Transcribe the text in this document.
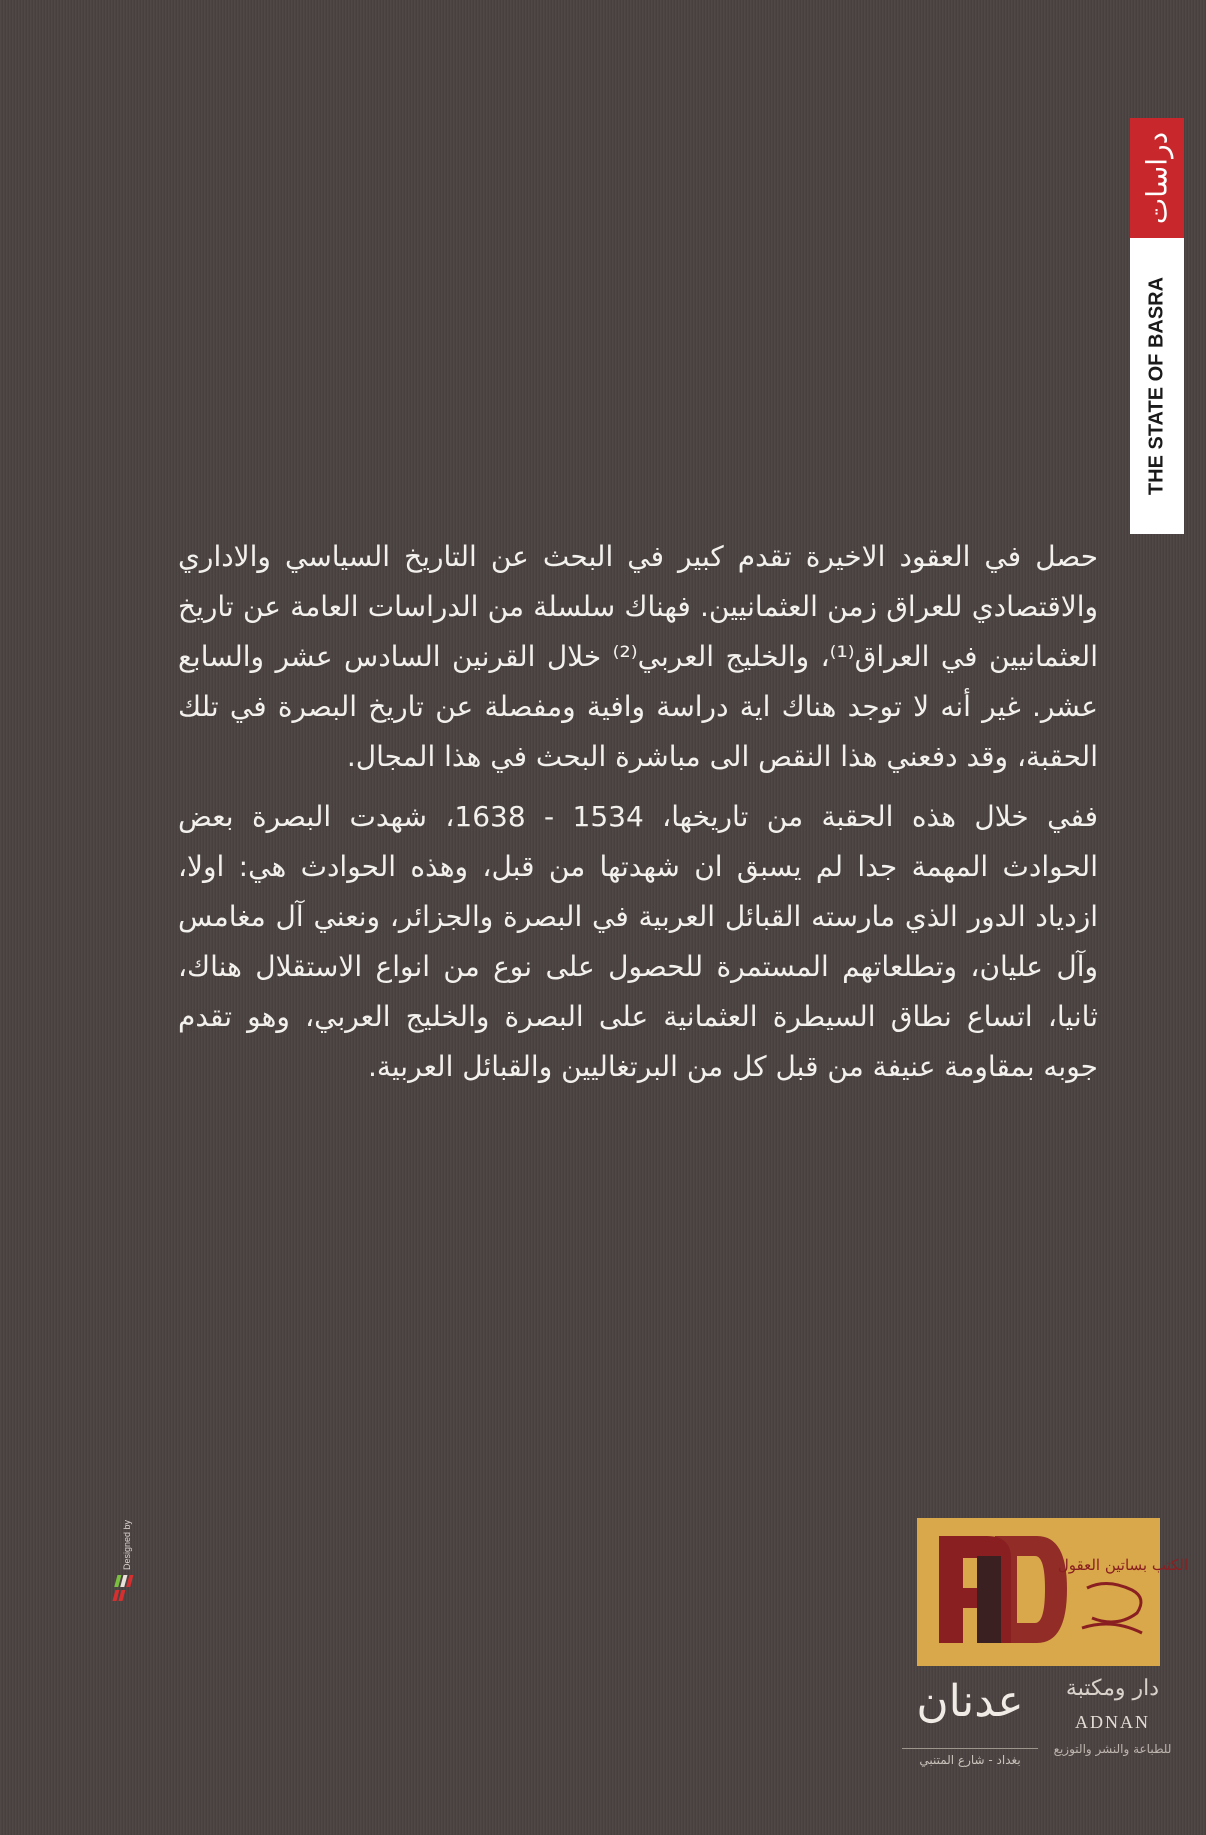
دراسات
THE STATE OF BASRA

حصل في العقود الاخيرة تقدم كبير في البحث عن التاريخ السياسي والاداري والاقتصادي للعراق زمن العثمانيين. فهناك سلسلة من الدراسات العامة عن تاريخ العثمانيين في العراق⁽¹⁾، والخليج العربي⁽²⁾ خلال القرنين السادس عشر والسابع عشر. غير أنه لا توجد هناك اية دراسة وافية ومفصلة عن تاريخ البصرة في تلك الحقبة، وقد دفعني هذا النقص الى مباشرة البحث في هذا المجال.

ففي خلال هذه الحقبة من تاريخها، 1534 - 1638، شهدت البصرة بعض الحوادث المهمة جدا لم يسبق ان شهدتها من قبل، وهذه الحوادث هي: اولا، ازدياد الدور الذي مارسته القبائل العربية في البصرة والجزائر، ونعني آل مغامس وآل عليان، وتطلعاتهم المستمرة للحصول على نوع من انواع الاستقلال هناك، ثانيا، اتساع نطاق السيطرة العثمانية على البصرة والخليج العربي، وهو تقدم جوبه بمقاومة عنيفة من قبل كل من البرتغاليين والقبائل العربية.

Designed by	الكتب بساتين العقول
عدنان
بغداد - شارع المتنبي
دار ومكتبة
ADNAN
للطباعة والنشر والتوزيع
